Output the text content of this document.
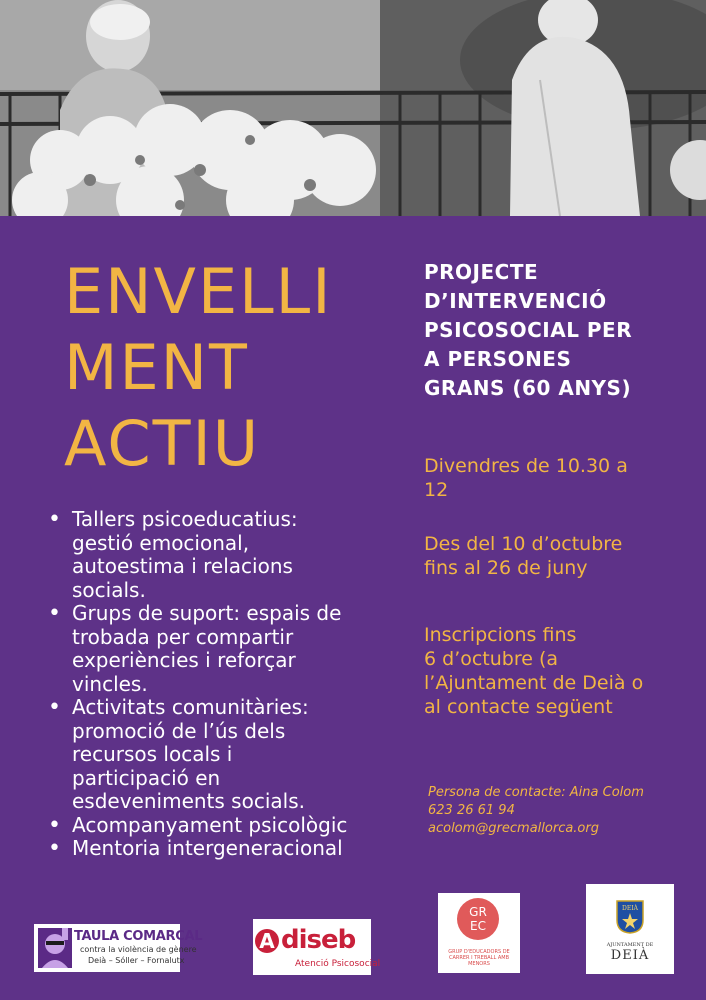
ENVELLI
MENT
ACTIU
PROJECTE
D’INTERVENCIÓ
PSICOSOCIAL PER
A PERSONES
GRANS (60 ANYS)
Divendres de 10.30 a
12
Des del 10 d’octubre
fins al 26 de juny
Inscripcions fins
6 d’octubre (a
l’Ajuntament de Deià o
al contacte següent
Persona de contacte: Aina Colom
623 26 61 94
acolom@grecmallorca.org
• Tallers psicoeducatius:
gestió emocional,
autoestima i relacions
socials.
• Grups de suport: espais de
trobada per compartir
experiències i reforçar
vincles.
• Activitats comunitàries:
promoció de l’ús dels
recursos locals i
participació en
esdeveniments socials.
• Acompanyament psicològic
• Mentoria intergeneracional
TAULA COMARCAL
contra la violència de gènere
Deià – Sóller – Fornalutx
A diseb
Atenció Psicosocial
GR
EC
GRUP D'EDUCADORS DE CARRER I TREBALL AMB MENORS
DEIÀ
AJUNTAMENT DE
DEIÀ
